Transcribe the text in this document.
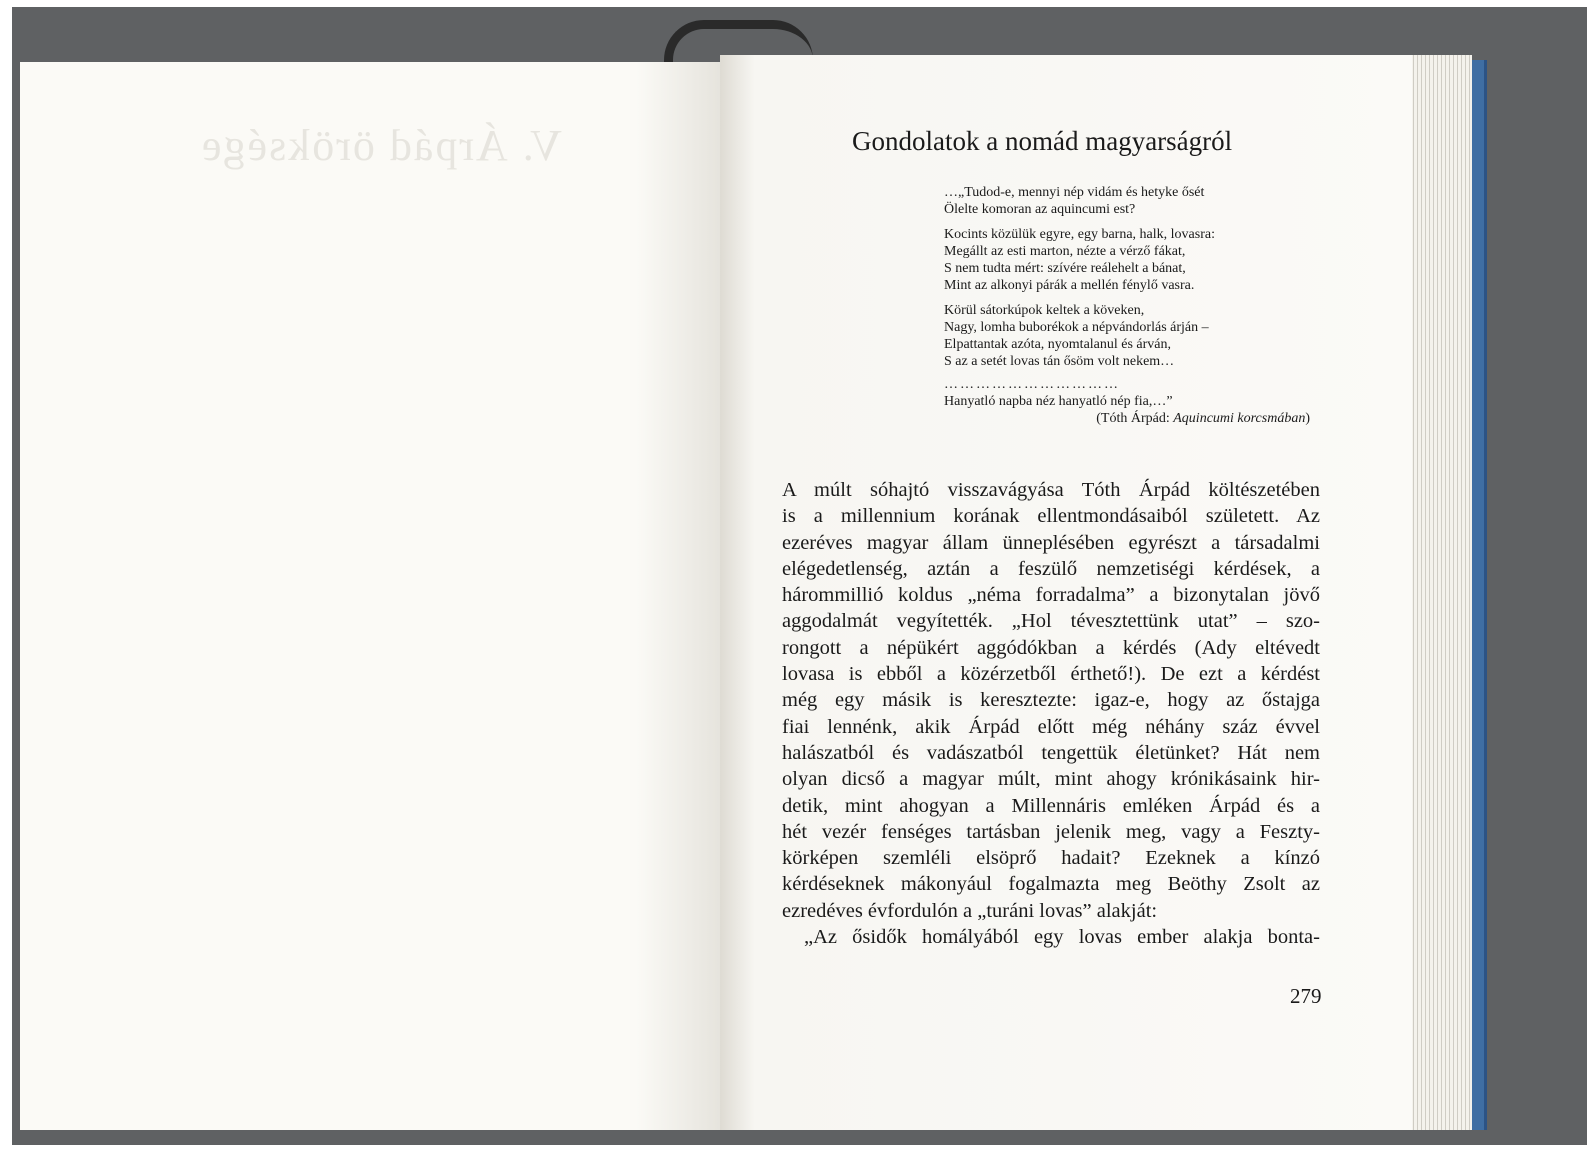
V. Árpád öröksége	Gondolatok a nomád magyarságról
…„Tudod-e, mennyi nép vidám és hetyke ősét
Ölelte komoran az aquincumi est?
Kocints közülük egyre, egy barna, halk, lovasra:
Megállt az esti marton, nézte a vérző fákat,
S nem tudta mért: szívére reálehelt a bánat,
Mint az alkonyi párák a mellén fénylő vasra.
Körül sátorkúpok keltek a köveken,
Nagy, lomha buborékok a népvándorlás árján –
Elpattantak azóta, nyomtalanul és árván,
S az a setét lovas tán ősöm volt nekem…
……………………………
Hanyatló napba néz hanyatló nép fia,…”
(Tóth Árpád: Aquincumi korcsmában)
A múlt sóhajtó visszavágyása Tóth Árpád költészetében
is a millennium korának ellentmondásaiból született. Az
ezeréves magyar állam ünneplésében egyrészt a társadalmi
elégedetlenség, aztán a feszülő nemzetiségi kérdések, a
hárommillió koldus „néma forradalma” a bizonytalan jövő
aggodalmát vegyítették. „Hol tévesztettünk utat” – szo-
rongott a népükért aggódókban a kérdés (Ady eltévedt
lovasa is ebből a közérzetből érthető!). De ezt a kérdést
még egy másik is keresztezte: igaz-e, hogy az őstajga
fiai lennénk, akik Árpád előtt még néhány száz évvel
halászatból és vadászatból tengettük életünket? Hát nem
olyan dicső a magyar múlt, mint ahogy krónikásaink hir-
detik, mint ahogyan a Millennáris emléken Árpád és a
hét vezér fenséges tartásban jelenik meg, vagy a Feszty-
körképen szemléli elsöprő hadait? Ezeknek a kínzó
kérdéseknek mákonyául fogalmazta meg Beöthy Zsolt az
ezredéves évfordulón a „turáni lovas” alakját:
„Az ősidők homályából egy lovas ember alakja bonta-
279
